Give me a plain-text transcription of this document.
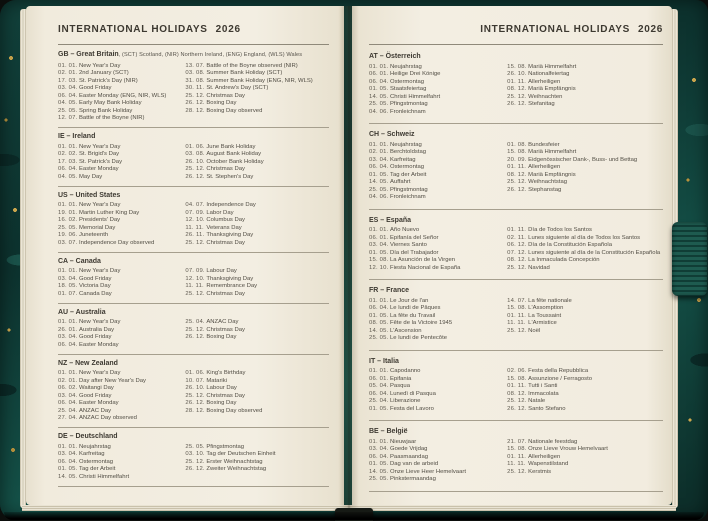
INTERNATIONAL HOLIDAYS 2026
GB – Great Britain, (SCT) Scotland, (NIR) Northern Ireland, (ENG) England, (WLS) Wales
01. 01. New Year's Day
02. 01. 2nd January (SCT)
17. 03. St. Patrick's Day (NIR)
03. 04. Good Friday
06. 04. Easter Monday (ENG, NIR, WLS)
04. 05. Early May Bank Holiday
25. 05. Spring Bank Holiday
12. 07. Battle of the Boyne (NIR)
13. 07. Battle of the Boyne observed (NIR)
03. 08. Summer Bank Holiday (SCT)
31. 08. Summer Bank Holiday (ENG, NIR, WLS)
30. 11. St. Andrew's Day (SCT)
25. 12. Christmas Day
26. 12. Boxing Day
28. 12. Boxing Day observed
IE – Ireland
01. 01. New Year's Day
02. 02. St. Brigid's Day
17. 03. St. Patrick's Day
06. 04. Easter Monday
04. 05. May Day
01. 06. June Bank Holiday
03. 08. August Bank Holiday
26. 10. October Bank Holiday
25. 12. Christmas Day
26. 12. St. Stephen's Day
US – United States
01. 01. New Year's Day
19. 01. Martin Luther King Day
16. 02. Presidents' Day
25. 05. Memorial Day
19. 06. Juneteenth
03. 07. Independence Day observed
04. 07. Independence Day
07. 09. Labor Day
12. 10. Columbus Day
11. 11. Veterans Day
26. 11. Thanksgiving Day
25. 12. Christmas Day
CA – Canada
01. 01. New Year's Day
03. 04. Good Friday
18. 05. Victoria Day
01. 07. Canada Day
07. 09. Labour Day
12. 10. Thanksgiving Day
11. 11. Remembrance Day
25. 12. Christmas Day
AU – Australia
01. 01. New Year's Day
26. 01. Australia Day
03. 04. Good Friday
06. 04. Easter Monday
25. 04. ANZAC Day
25. 12. Christmas Day
26. 12. Boxing Day
NZ – New Zealand
01. 01. New Year's Day
02. 01. Day after New Year's Day
06. 02. Waitangi Day
03. 04. Good Friday
06. 04. Easter Monday
25. 04. ANZAC Day
27. 04. ANZAC Day observed
01. 06. King's Birthday
10. 07. Matariki
26. 10. Labour Day
25. 12. Christmas Day
26. 12. Boxing Day
28. 12. Boxing Day observed
DE – Deutschland
01. 01. Neujahrstag
03. 04. Karfreitag
06. 04. Ostermontag
01. 05. Tag der Arbeit
14. 05. Christi Himmelfahrt
25. 05. Pfingstmontag
03. 10. Tag der Deutschen Einheit
25. 12. Erster Weihnachtstag
26. 12. Zweiter Weihnachtstag
INTERNATIONAL HOLIDAYS 2026
AT – Österreich
01. 01. Neujahrstag
06. 01. Heilige Drei Könige
06. 04. Ostermontag
01. 05. Staatsfeiertag
14. 05. Christi Himmelfahrt
25. 05. Pfingstmontag
04. 06. Fronleichnam
15. 08. Mariä Himmelfahrt
26. 10. Nationalfeiertag
01. 11. Allerheiligen
08. 12. Mariä Empfängnis
25. 12. Weihnachten
26. 12. Stefanitag
CH – Schweiz
01. 01. Neujahrstag
02. 01. Berchtoldstag
03. 04. Karfreitag
06. 04. Ostermontag
01. 05. Tag der Arbeit
14. 05. Auffahrt
25. 05. Pfingstmontag
04. 06. Fronleichnam
01. 08. Bundesfeier
15. 08. Mariä Himmelfahrt
20. 09. Eidgenössischer Dank-, Buss- und Bettag
01. 11. Allerheiligen
08. 12. Mariä Empfängnis
25. 12. Weihnachtstag
26. 12. Stephanstag
ES – España
01. 01. Año Nuevo
06. 01. Epifanía del Señor
03. 04. Viernes Santo
01. 05. Día del Trabajador
15. 08. La Asunción de la Virgen
12. 10. Fiesta Nacional de España
01. 11. Día de Todos los Santos
02. 11. Lunes siguiente al día de Todos los Santos
06. 12. Día de la Constitución Española
07. 12. Lunes siguiente al día de la Constitución Española
08. 12. La Inmaculada Concepción
25. 12. Navidad
FR – France
01. 01. Le Jour de l'an
06. 04. Le lundi de Pâques
01. 05. La fête du Travail
08. 05. Fête de la Victoire 1945
14. 05. L'Ascension
25. 05. Le lundi de Pentecôte
14. 07. La fête nationale
15. 08. L'Assomption
01. 11. La Toussaint
11. 11. L'Armistice
25. 12. Noël
IT – Italia
01. 01. Capodanno
06. 01. Epifania
05. 04. Pasqua
06. 04. Lunedì di Pasqua
25. 04. Liberazione
01. 05. Festa del Lavoro
02. 06. Festa della Repubblica
15. 08. Assunzione / Ferragosto
01. 11. Tutti i Santi
08. 12. Immacolata
25. 12. Natale
26. 12. Santo Stefano
BE – België
01. 01. Nieuwjaar
03. 04. Goede Vrijdag
06. 04. Paasmaandag
01. 05. Dag van de arbeid
14. 05. Onze Lieve Heer Hemelvaart
25. 05. Pinkstermaandag
21. 07. Nationale feestdag
15. 08. Onze Lieve Vrouw Hemelvaart
01. 11. Allerheiligen
11. 11. Wapenstilstand
25. 12. Kerstmis
